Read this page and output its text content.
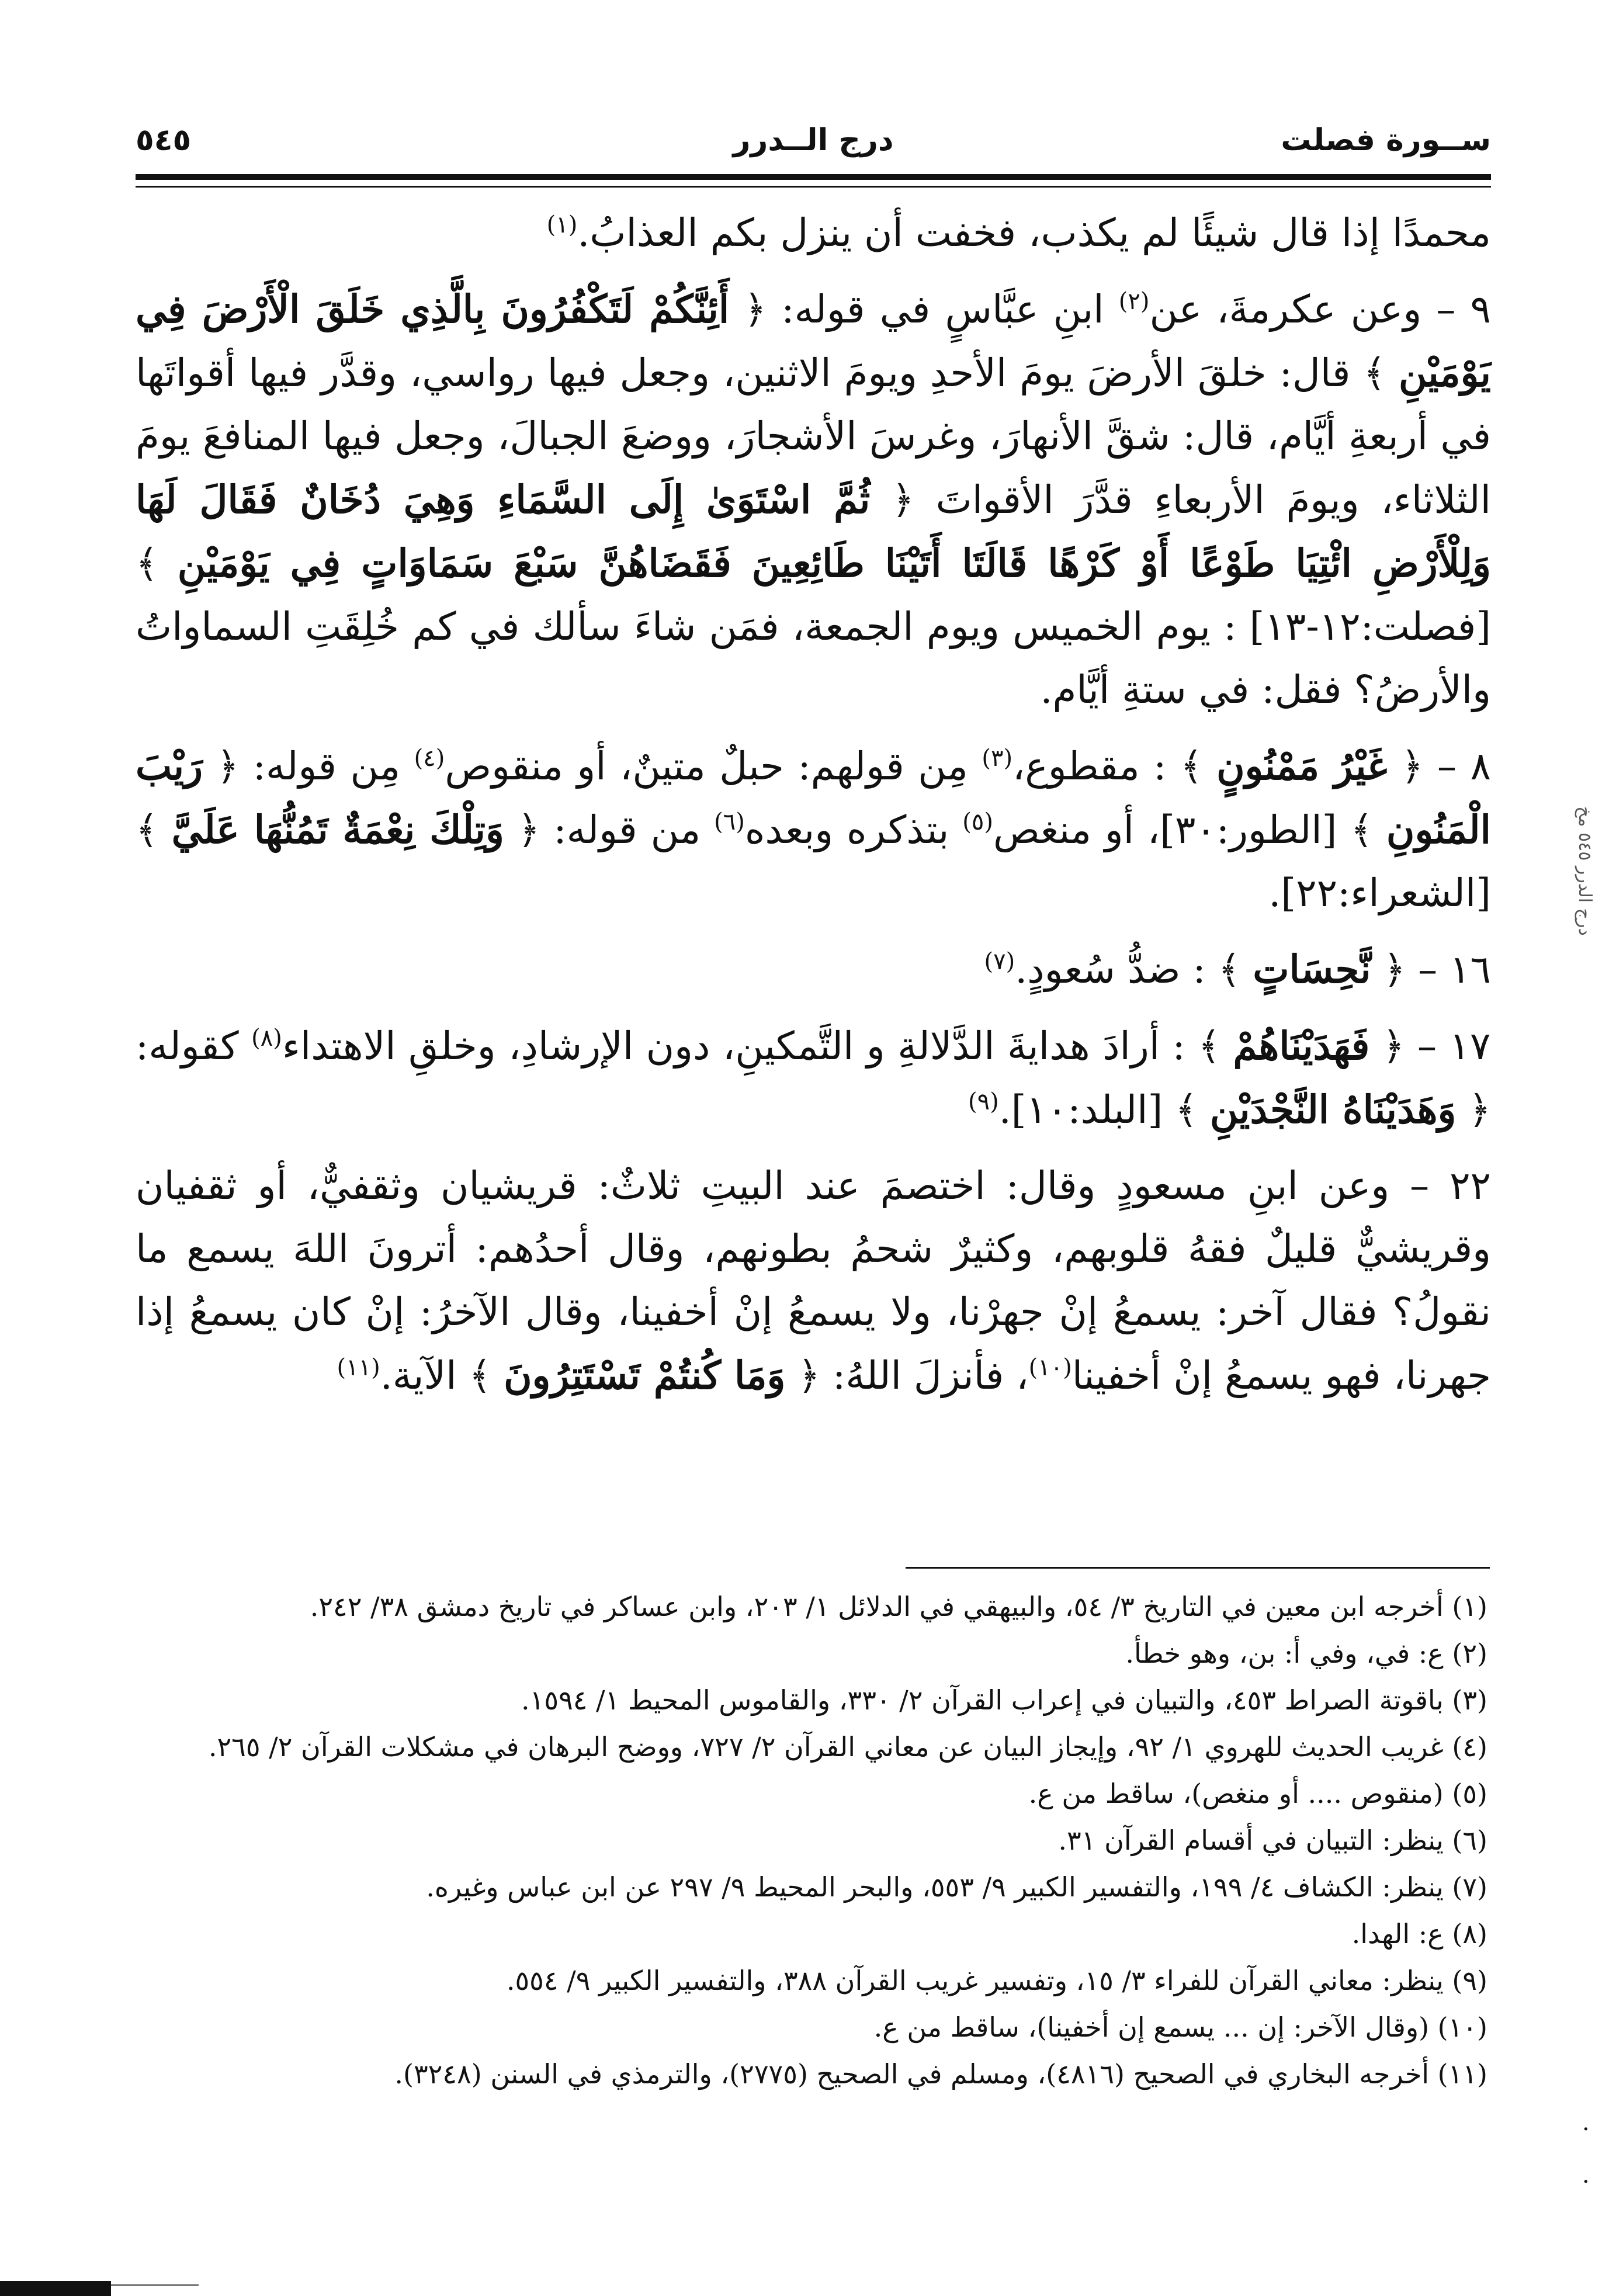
ســورة فصلت
درج الــدرر
٥٤٥

محمدًا إذا قال شيئًا لم يكذب، فخفت أن ينزل بكم العذابُ.$^{(١)}$

٩ – وعن عكرمةَ، عن$^{(٢)}$ ابنِ عبَّاسٍ في قوله: ﴿ أَئِنَّكُمْ لَتَكْفُرُونَ بِالَّذِي خَلَقَ الْأَرْضَ فِي يَوْمَيْنِ ﴾ قال: خلقَ الأرضَ يومَ الأحدِ ويومَ الاثنين، وجعل فيها رواسي، وقدَّر فيها أقواتَها في أربعةِ أيَّام، قال: شقَّ الأنهارَ، وغرسَ الأشجارَ، ووضعَ الجبالَ، وجعل فيها المنافعَ يومَ الثلاثاء، ويومَ الأربعاءِ قدَّرَ الأقواتَ ﴿ ثُمَّ اسْتَوَىٰ إِلَى السَّمَاءِ وَهِيَ دُخَانٌ فَقَالَ لَهَا وَلِلْأَرْضِ ائْتِيَا طَوْعًا أَوْ كَرْهًا قَالَتَا أَتَيْنَا طَائِعِينَ فَقَضَاهُنَّ سَبْعَ سَمَاوَاتٍ فِي يَوْمَيْنِ ﴾ [فصلت:١٢-١٣] : يوم الخميس ويوم الجمعة، فمَن شاءَ سألك في كم خُلِقَتِ السماواتُ والأرضُ؟ فقل: في ستةِ أيَّام.

٨ – ﴿ غَيْرُ مَمْنُونٍ ﴾ : مقطوع،$^{(٣)}$ مِن قولهم: حبلٌ متينٌ، أو منقوص$^{(٤)}$ مِن قوله: ﴿ رَيْبَ الْمَنُونِ ﴾ [الطور:٣٠]، أو منغص$^{(٥)}$ بتذكره وبعده$^{(٦)}$ من قوله: ﴿ وَتِلْكَ نِعْمَةٌ تَمُنُّهَا عَلَيَّ ﴾ [الشعراء:٢٢].

١٦ – ﴿ نَّحِسَاتٍ ﴾ : ضدُّ سُعودٍ.$^{(٧)}$

١٧ – ﴿ فَهَدَيْنَاهُمْ ﴾ : أرادَ هدايةَ الدَّلالةِ و التَّمكينِ، دون الإرشادِ، وخلقِ الاهتداء$^{(٨)}$ كقوله: ﴿ وَهَدَيْنَاهُ النَّجْدَيْنِ ﴾ [البلد:١٠].$^{(٩)}$

٢٢ – وعن ابنِ مسعودٍ وقال: اختصمَ عند البيتِ ثلاثٌ: قريشيان وثقفيٌّ، أو ثقفيان وقريشيٌّ قليلٌ فقهُ قلوبهم، وكثيرٌ شحمُ بطونهم، وقال أحدُهم: أترونَ اللهَ يسمع ما نقولُ؟ فقال آخر: يسمعُ إنْ جهرْنا، ولا يسمعُ إنْ أخفينا، وقال الآخرُ: إنْ كان يسمعُ إذا جهرنا، فهو يسمعُ إنْ أخفينا$^{(١٠)}$، فأنزلَ اللهُ: ﴿ وَمَا كُنتُمْ تَسْتَتِرُونَ ﴾ الآية.$^{(١١)}$

(١) أخرجه ابن معين في التاريخ ٣/ ٥٤، والبيهقي في الدلائل ١/ ٢٠٣، وابن عساكر في تاريخ دمشق ٣٨/ ٢٤٢.

(٢) ع: في، وفي أ: بن، وهو خطأ.

(٣) باقوتة الصراط ٤٥٣، والتبيان في إعراب القرآن ٢/ ٣٣٠، والقاموس المحيط ١/ ١٥٩٤.

(٤) غريب الحديث للهروي ١/ ٩٢، وإيجاز البيان عن معاني القرآن ٢/ ٧٢٧، ووضح البرهان في مشكلات القرآن ٢/ ٢٦٥.

(٥) (منقوص .... أو منغص)، ساقط من ع.

(٦) ينظر: التبيان في أقسام القرآن ٣١.

(٧) ينظر: الكشاف ٤/ ١٩٩، والتفسير الكبير ٩/ ٥٥٣، والبحر المحيط ٩/ ٢٩٧ عن ابن عباس وغيره.

(٨) ع: الهدا.

(٩) ينظر: معاني القرآن للفراء ٣/ ١٥، وتفسير غريب القرآن ٣٨٨، والتفسير الكبير ٩/ ٥٥٤.

(١٠) (وقال الآخر: إن ... يسمع إن أخفينا)، ساقط من ع.

(١١) أخرجه البخاري في الصحيح (٤٨١٦)، ومسلم في الصحيح (٢٧٧٥)، والترمذي في السنن (٣٢٤٨).

درج الدرر ٥٤٥ مخ
·
·
